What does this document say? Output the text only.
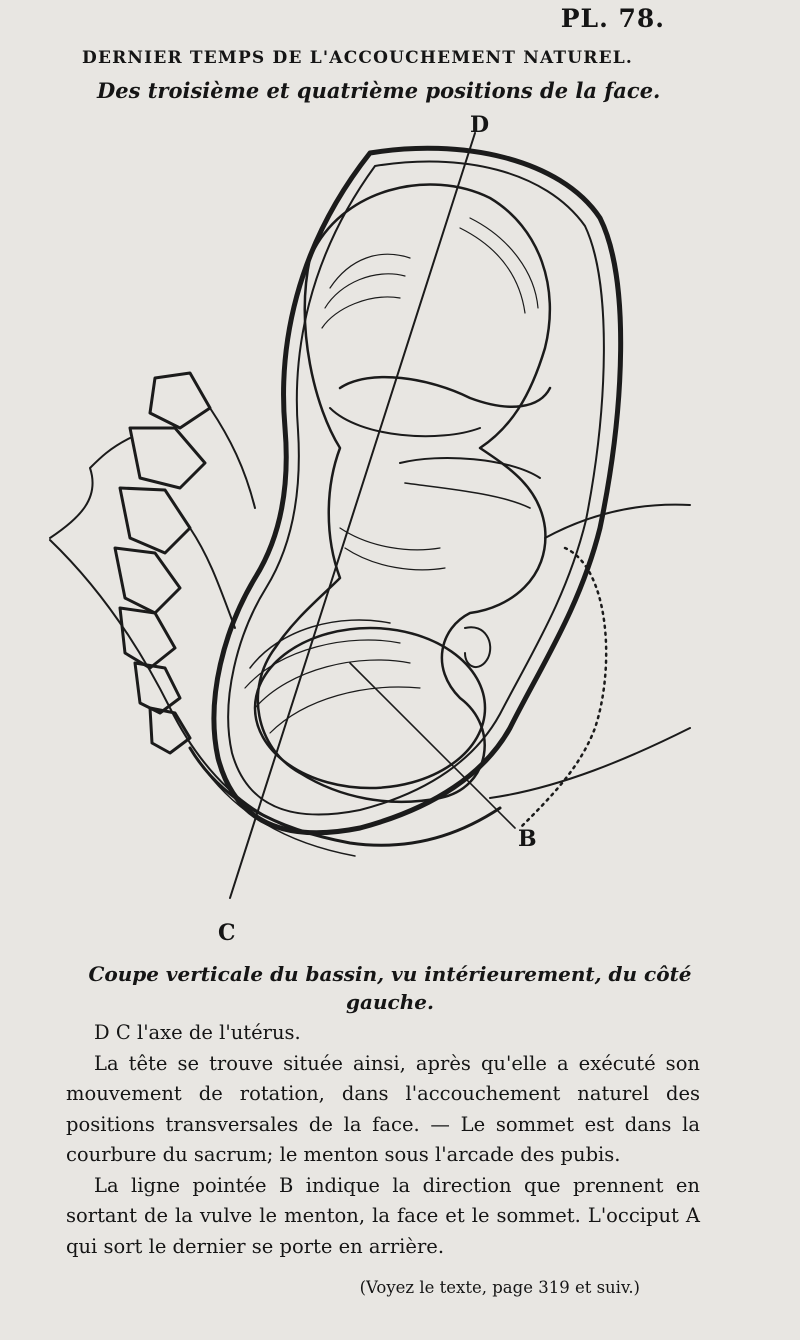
PL. 78.
DERNIER TEMPS DE L'ACCOUCHEMENT NATUREL.
Des troisième et quatrième positions de la face.
D
B
C
Coupe verticale du bassin, vu intérieurement, du côté gauche.

D C l'axe de l'utérus.

La tête se trouve située ainsi, après qu'elle a exécuté son mouvement de rotation, dans l'accouchement naturel des positions transversales de la face. — Le sommet est dans la courbure du sacrum; le menton sous l'arcade des pubis.

La ligne pointée B indique la direction que prennent en sortant de la vulve le menton, la face et le sommet. L'occiput A qui sort le dernier se porte en arrière.

(Voyez le texte, page 319 et suiv.)
